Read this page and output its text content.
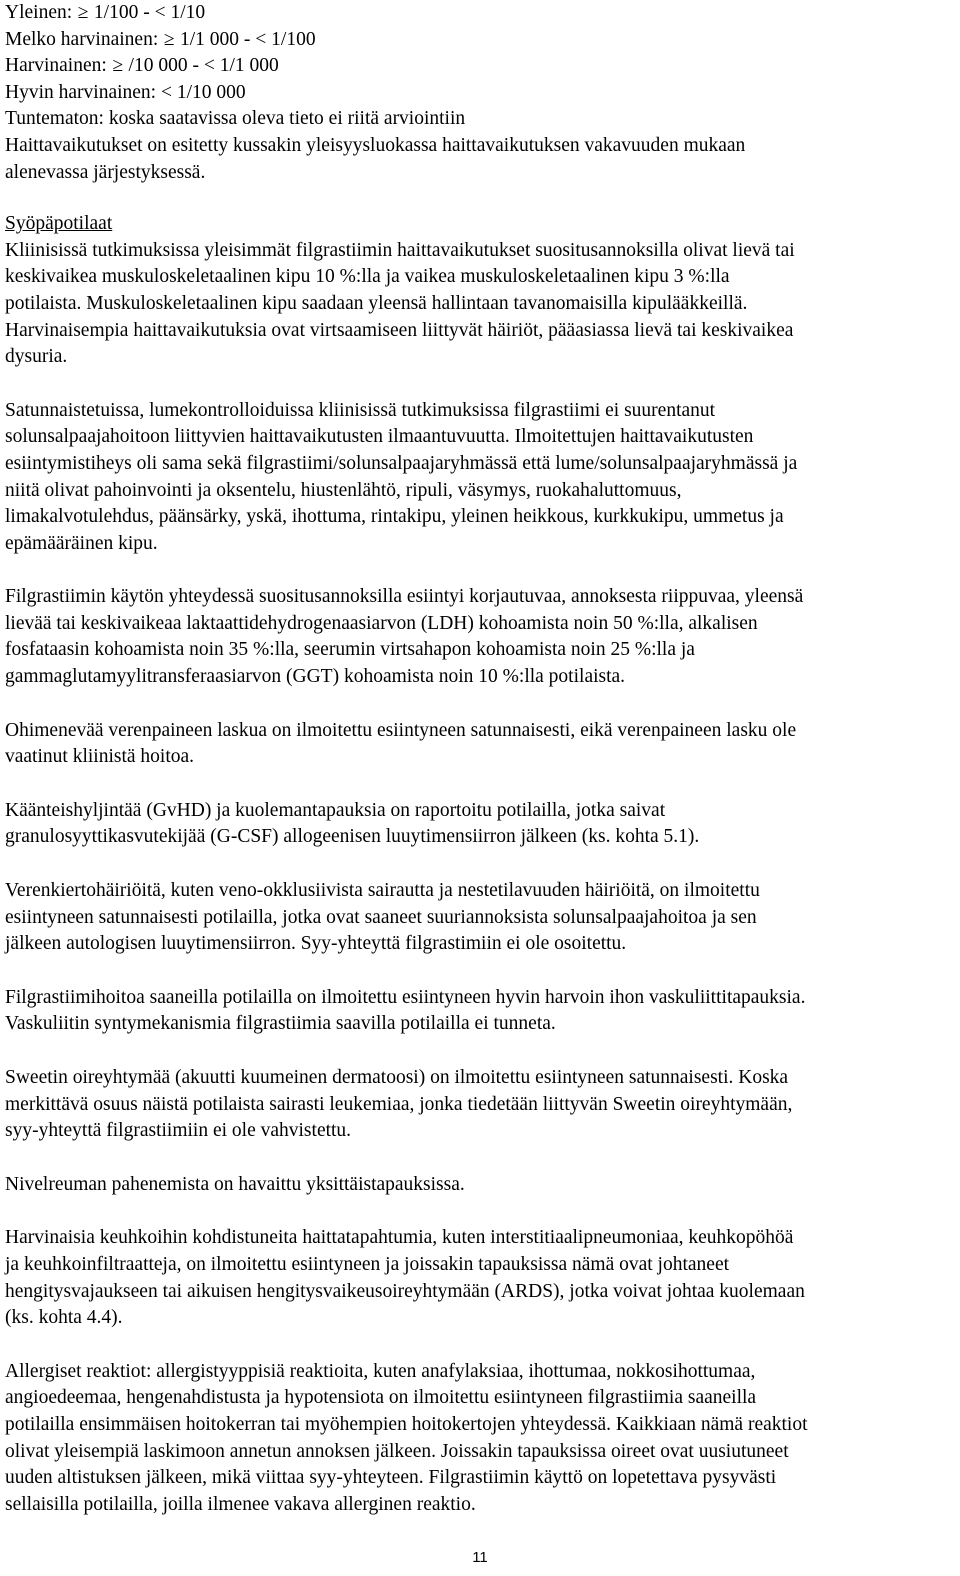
Yleinen: ≥ 1/100 - < 1/10
Melko harvinainen: ≥ 1/1 000 - < 1/100
Harvinainen: ≥ /10 000 - < 1/1 000
Hyvin harvinainen: < 1/10 000
Tuntematon: koska saatavissa oleva tieto ei riitä arviointiin
Haittavaikutukset on esitetty kussakin yleisyysluokassa haittavaikutuksen vakavuuden mukaan
alenevassa järjestyksessä.

Syöpäpotilaat
Kliinisissä tutkimuksissa yleisimmät filgrastiimin haittavaikutukset suositusannoksilla olivat lievä tai
keskivaikea muskuloskeletaalinen kipu 10 %:lla ja vaikea muskuloskeletaalinen kipu 3 %:lla
potilaista. Muskuloskeletaalinen kipu saadaan yleensä hallintaan tavanomaisilla kipulääkkeillä.
Harvinaisempia haittavaikutuksia ovat virtsaamiseen liittyvät häiriöt, pääasiassa lievä tai keskivaikea
dysuria.

Satunnaistetuissa, lumekontrolloiduissa kliinisissä tutkimuksissa filgrastiimi ei suurentanut
solunsalpaajahoitoon liittyvien haittavaikutusten ilmaantuvuutta. Ilmoitettujen haittavaikutusten
esiintymistiheys oli sama sekä filgrastiimi/solunsalpaajaryhmässä että lume/solunsalpaajaryhmässä ja
niitä olivat pahoinvointi ja oksentelu, hiustenlähtö, ripuli, väsymys, ruokahaluttomuus,
limakalvotulehdus, päänsärky, yskä, ihottuma, rintakipu, yleinen heikkous, kurkkukipu, ummetus ja
epämääräinen kipu.

Filgrastiimin käytön yhteydessä suositusannoksilla esiintyi korjautuvaa, annoksesta riippuvaa, yleensä
lievää tai keskivaikeaa laktaattidehydrogenaasiarvon (LDH) kohoamista noin 50 %:lla, alkalisen
fosfataasin kohoamista noin 35 %:lla, seerumin virtsahapon kohoamista noin 25 %:lla ja
gammaglutamyylitransferaasiarvon (GGT) kohoamista noin 10 %:lla potilaista.

Ohimenevää verenpaineen laskua on ilmoitettu esiintyneen satunnaisesti, eikä verenpaineen lasku ole
vaatinut kliinistä hoitoa.

Käänteishyljintää (GvHD) ja kuolemantapauksia on raportoitu potilailla, jotka saivat
granulosyyttikasvutekijää (G-CSF) allogeenisen luuytimensiirron jälkeen (ks. kohta 5.1).

Verenkiertohäiriöitä, kuten veno-okklusiivista sairautta ja nestetilavuuden häiriöitä, on ilmoitettu
esiintyneen satunnaisesti potilailla, jotka ovat saaneet suuriannoksista solunsalpaajahoitoa ja sen
jälkeen autologisen luuytimensiirron. Syy-yhteyttä filgrastimiin ei ole osoitettu.

Filgrastiimihoitoa saaneilla potilailla on ilmoitettu esiintyneen hyvin harvoin ihon vaskuliittitapauksia.
Vaskuliitin syntymekanismia filgrastiimia saavilla potilailla ei tunneta.

Sweetin oireyhtymää (akuutti kuumeinen dermatoosi) on ilmoitettu esiintyneen satunnaisesti. Koska
merkittävä osuus näistä potilaista sairasti leukemiaa, jonka tiedetään liittyvän Sweetin oireyhtymään,
syy-yhteyttä filgrastiimiin ei ole vahvistettu.

Nivelreuman pahenemista on havaittu yksittäistapauksissa.

Harvinaisia keuhkoihin kohdistuneita haittatapahtumia, kuten interstitiaalipneumoniaa, keuhkopöhöä
ja keuhkoinfiltraatteja, on ilmoitettu esiintyneen ja joissakin tapauksissa nämä ovat johtaneet
hengitysvajaukseen tai aikuisen hengitysvaikeusoireyhtymään (ARDS), jotka voivat johtaa kuolemaan
(ks. kohta 4.4).

Allergiset reaktiot: allergistyyppisiä reaktioita, kuten anafylaksiaa, ihottumaa, nokkosihottumaa,
angioedeemaa, hengenahdistusta ja hypotensiota on ilmoitettu esiintyneen filgrastiimia saaneilla
potilailla ensimmäisen hoitokerran tai myöhempien hoitokertojen yhteydessä. Kaikkiaan nämä reaktiot
olivat yleisempiä laskimoon annetun annoksen jälkeen. Joissakin tapauksissa oireet ovat uusiutuneet
uuden altistuksen jälkeen, mikä viittaa syy-yhteyteen. Filgrastiimin käyttö on lopetettava pysyvästi
sellaisilla potilailla, joilla ilmenee vakava allerginen reaktio.

11
